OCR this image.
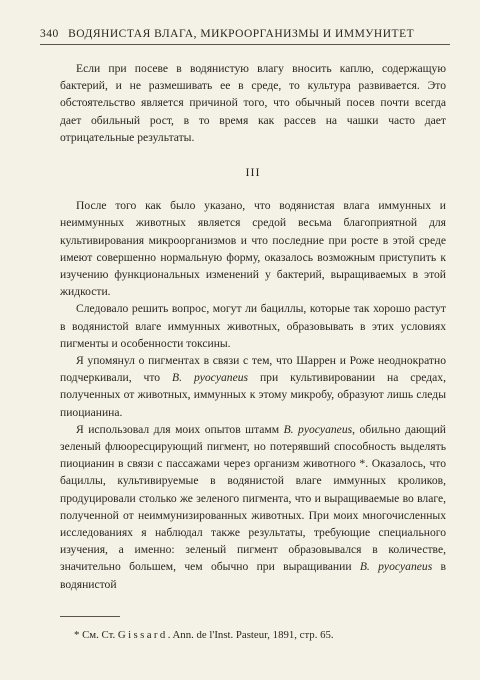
340 ВОДЯНИСТАЯ ВЛАГА, МИКРООРГАНИЗМЫ И ИММУНИТЕТ

Если при посеве в водянистую влагу вносить каплю, содержащую бактерий, и не размешивать ее в среде, то культура развивается. Это обстоятельство является причиной того, что обычный посев почти всегда дает обильный рост, в то время как рассев на чашки часто дает отрицательные результаты.

III

После того как было указано, что водянистая влага иммунных и неиммунных животных является средой весьма благоприятной для культивирования микроорганизмов и что последние при росте в этой среде имеют совершенно нормальную форму, оказалось возможным приступить к изучению функциональных изменений у бактерий, выращиваемых в этой жидкости.

Следовало решить вопрос, могут ли бациллы, которые так хорошо растут в водянистой влаге иммунных животных, образовывать в этих условиях пигменты и особенности токсины.

Я упомянул о пигментах в связи с тем, что Шаррен и Роже неоднократно подчеркивали, что B. pyocyaneus при культивировании на средах, полученных от животных, иммунных к этому микробу, образуют лишь следы пиоцианина.

Я использовал для моих опытов штамм B. pyocyaneus, обильно дающий зеленый флюоресцирующий пигмент, но потерявший способность выделять пиоцианин в связи с пассажами через организм животного *. Оказалось, что бациллы, культивируемые в водянистой влаге иммунных кроликов, продуцировали столько же зеленого пигмента, что и выращиваемые во влаге, полученной от неиммунизированных животных. При моих многочисленных исследованиях я наблюдал также результаты, требующие специального изучения, а именно: зеленый пигмент образовывался в количестве, значительно большем, чем обычно при выращивании B. pyocyaneus в водянистой

* См. Ст. Gissard. Ann. de l'Inst. Pasteur, 1891, стр. 65.
